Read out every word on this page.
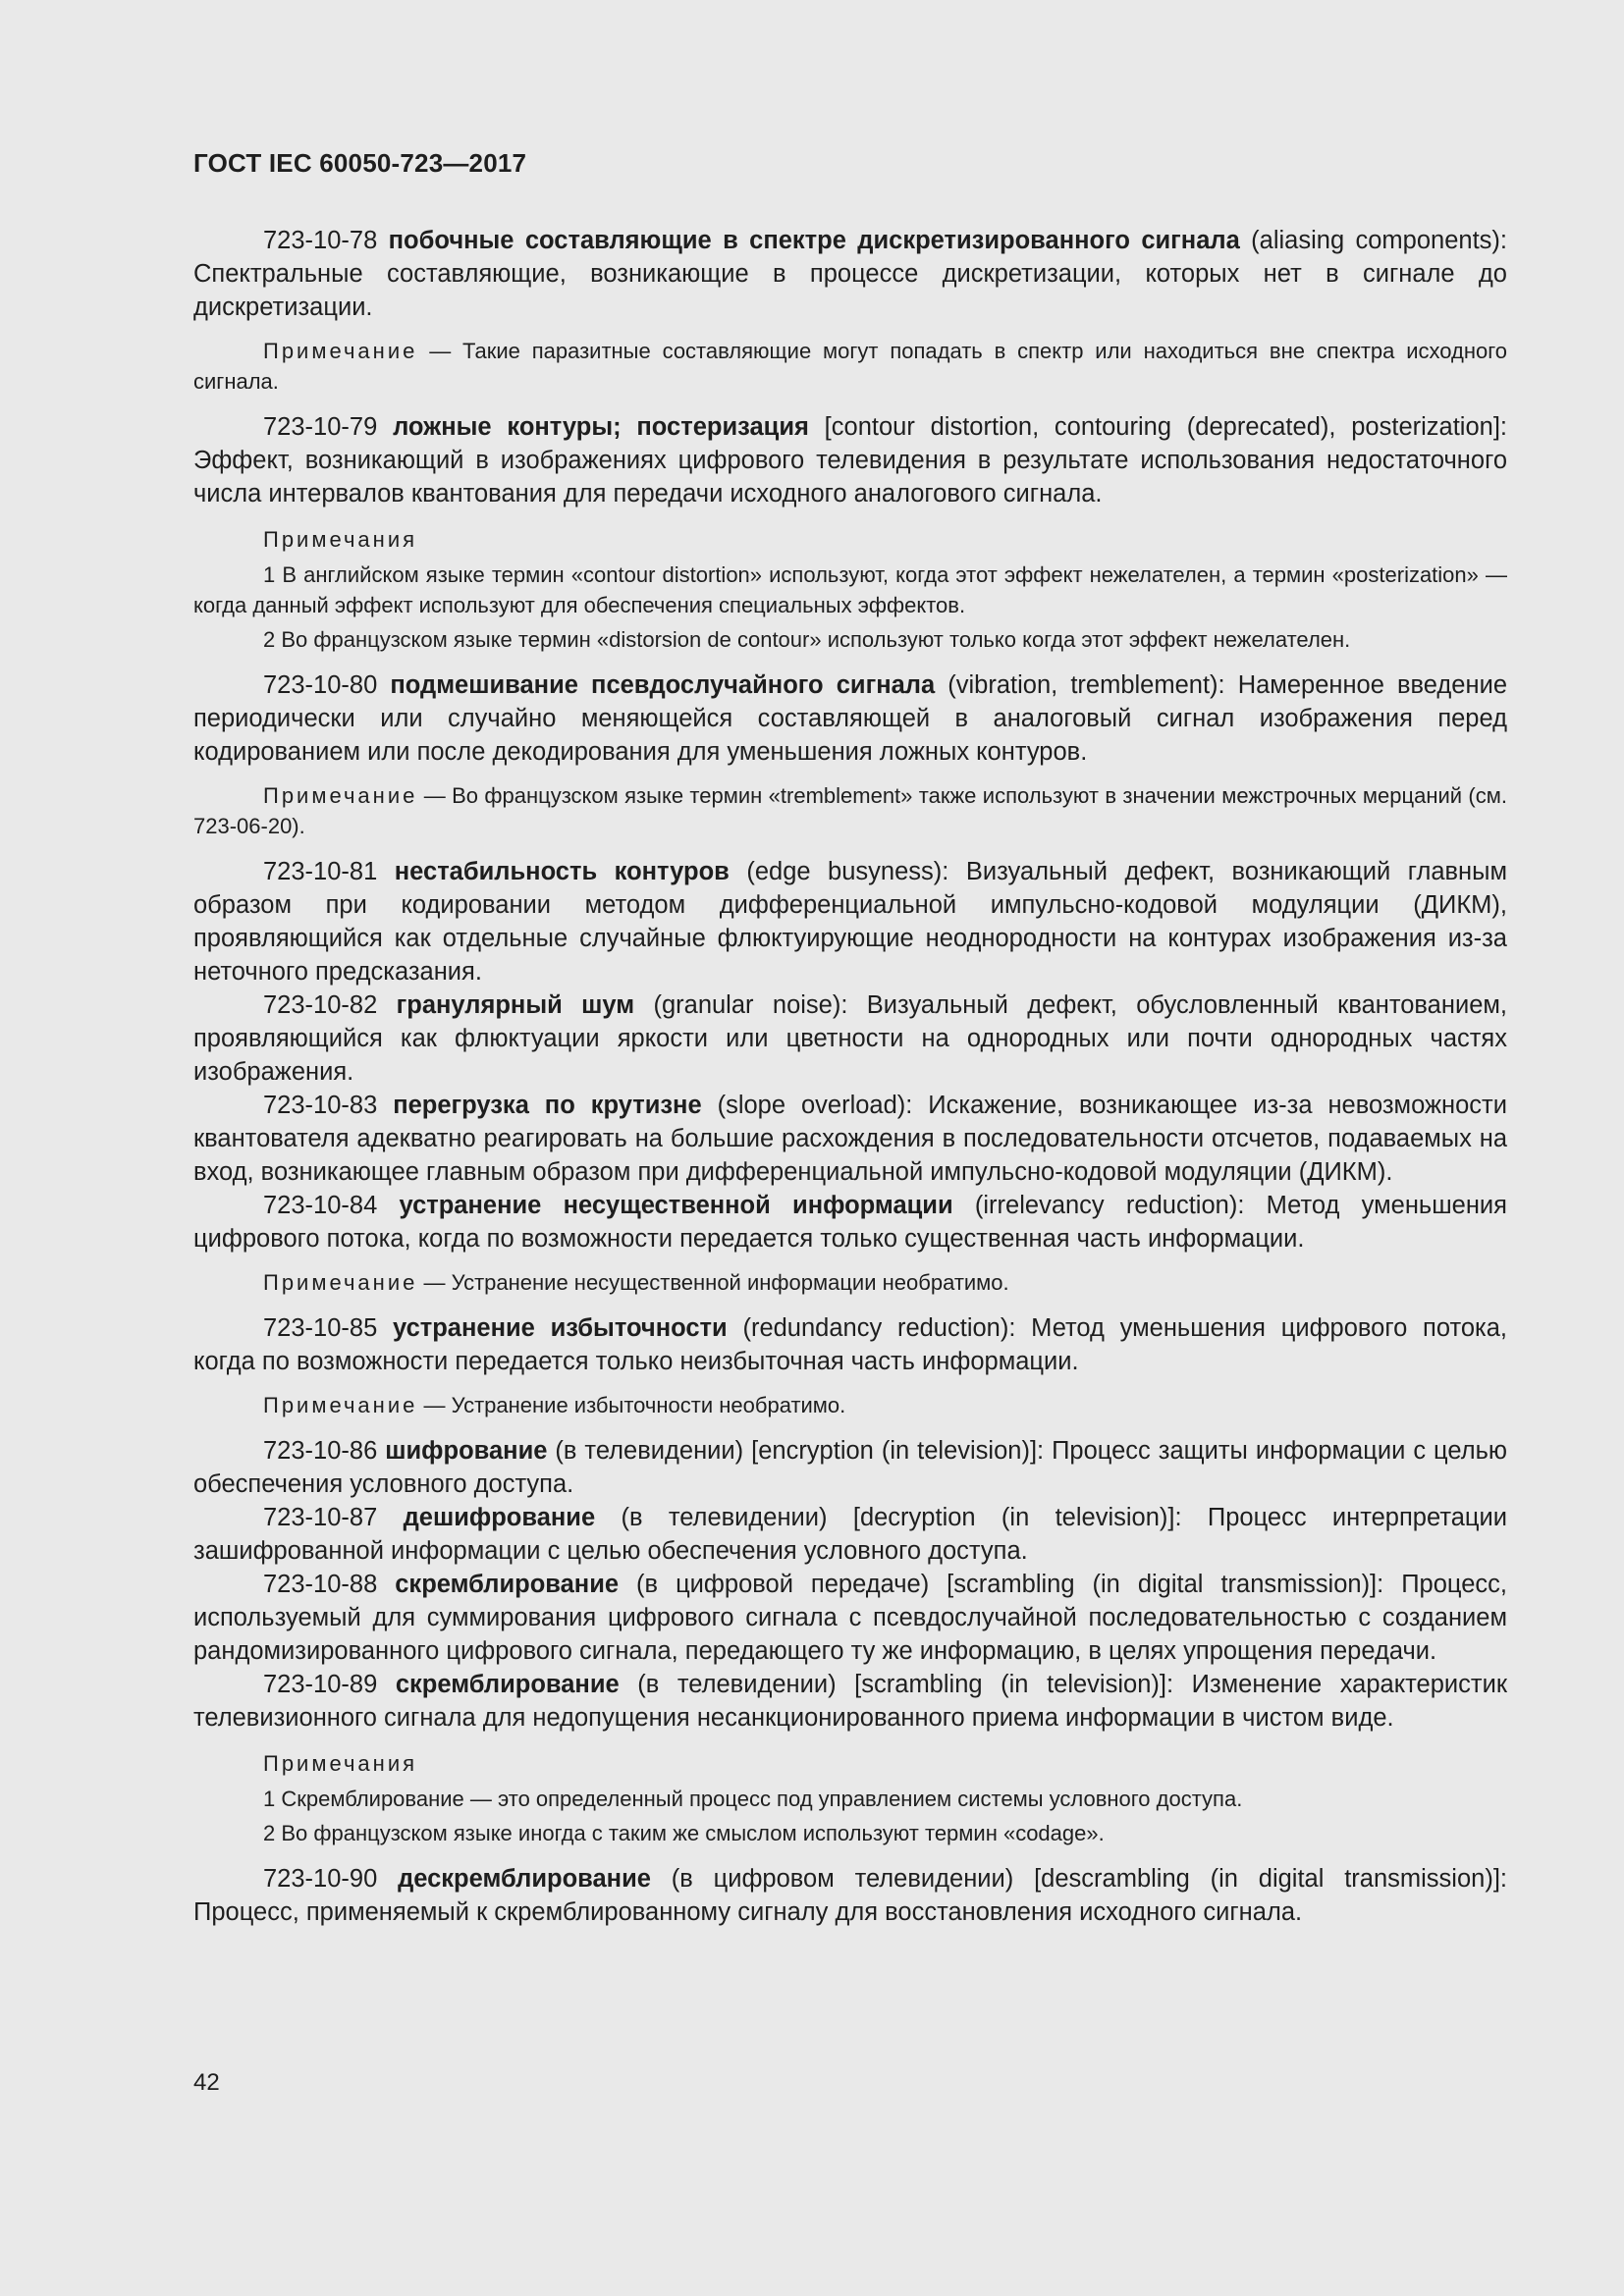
ГОСТ IEC 60050-723—2017

723-10-78 побочные составляющие в спектре дискретизированного сигнала (aliasing components): Спектральные составляющие, возникающие в процессе дискретизации, которых нет в сигнале до дискретизации.

Примечание — Такие паразитные составляющие могут попадать в спектр или находиться вне спектра исходного сигнала.

723-10-79 ложные контуры; постеризация [contour distortion, contouring (deprecated), posterization]: Эффект, возникающий в изображениях цифрового телевидения в результате использования недостаточного числа интервалов квантования для передачи исходного аналогового сигнала.

Примечания

1 В английском языке термин «contour distortion» используют, когда этот эффект нежелателен, а термин «posterization» — когда данный эффект используют для обеспечения специальных эффектов.

2 Во французском языке термин «distorsion de contour» используют только когда этот эффект нежелателен.

723-10-80 подмешивание псевдослучайного сигнала (vibration, tremblement): Намеренное введение периодически или случайно меняющейся составляющей в аналоговый сигнал изображения перед кодированием или после декодирования для уменьшения ложных контуров.

Примечание — Во французском языке термин «tremblement» также используют в значении межстрочных мерцаний (см. 723-06-20).

723-10-81 нестабильность контуров (edge busyness): Визуальный дефект, возникающий главным образом при кодировании методом дифференциальной импульсно-кодовой модуляции (ДИКМ), проявляющийся как отдельные случайные флюктуирующие неоднородности на контурах изображения из-за неточного предсказания.

723-10-82 гранулярный шум (granular noise): Визуальный дефект, обусловленный квантованием, проявляющийся как флюктуации яркости или цветности на однородных или почти однородных частях изображения.

723-10-83 перегрузка по крутизне (slope overload): Искажение, возникающее из-за невозможности квантователя адекватно реагировать на большие расхождения в последовательности отсчетов, подаваемых на вход, возникающее главным образом при дифференциальной импульсно-кодовой модуляции (ДИКМ).

723-10-84 устранение несущественной информации (irrelevancy reduction): Метод уменьшения цифрового потока, когда по возможности передается только существенная часть информации.

Примечание — Устранение несущественной информации необратимо.

723-10-85 устранение избыточности (redundancy reduction): Метод уменьшения цифрового потока, когда по возможности передается только неизбыточная часть информации.

Примечание — Устранение избыточности необратимо.

723-10-86 шифрование (в телевидении) [encryption (in television)]: Процесс защиты информации с целью обеспечения условного доступа.

723-10-87 дешифрование (в телевидении) [decryption (in television)]: Процесс интерпретации зашифрованной информации с целью обеспечения условного доступа.

723-10-88 скремблирование (в цифровой передаче) [scrambling (in digital transmission)]: Процесс, используемый для суммирования цифрового сигнала с псевдослучайной последовательностью с созданием рандомизированного цифрового сигнала, передающего ту же информацию, в целях упрощения передачи.

723-10-89 скремблирование (в телевидении) [scrambling (in television)]: Изменение характеристик телевизионного сигнала для недопущения несанкционированного приема информации в чистом виде.

Примечания

1 Скремблирование — это определенный процесс под управлением системы условного доступа.

2 Во французском языке иногда с таким же смыслом используют термин «codage».

723-10-90 дескремблирование (в цифровом телевидении) [descrambling (in digital transmission)]: Процесс, применяемый к скремблированному сигналу для восстановления исходного сигнала.

42
